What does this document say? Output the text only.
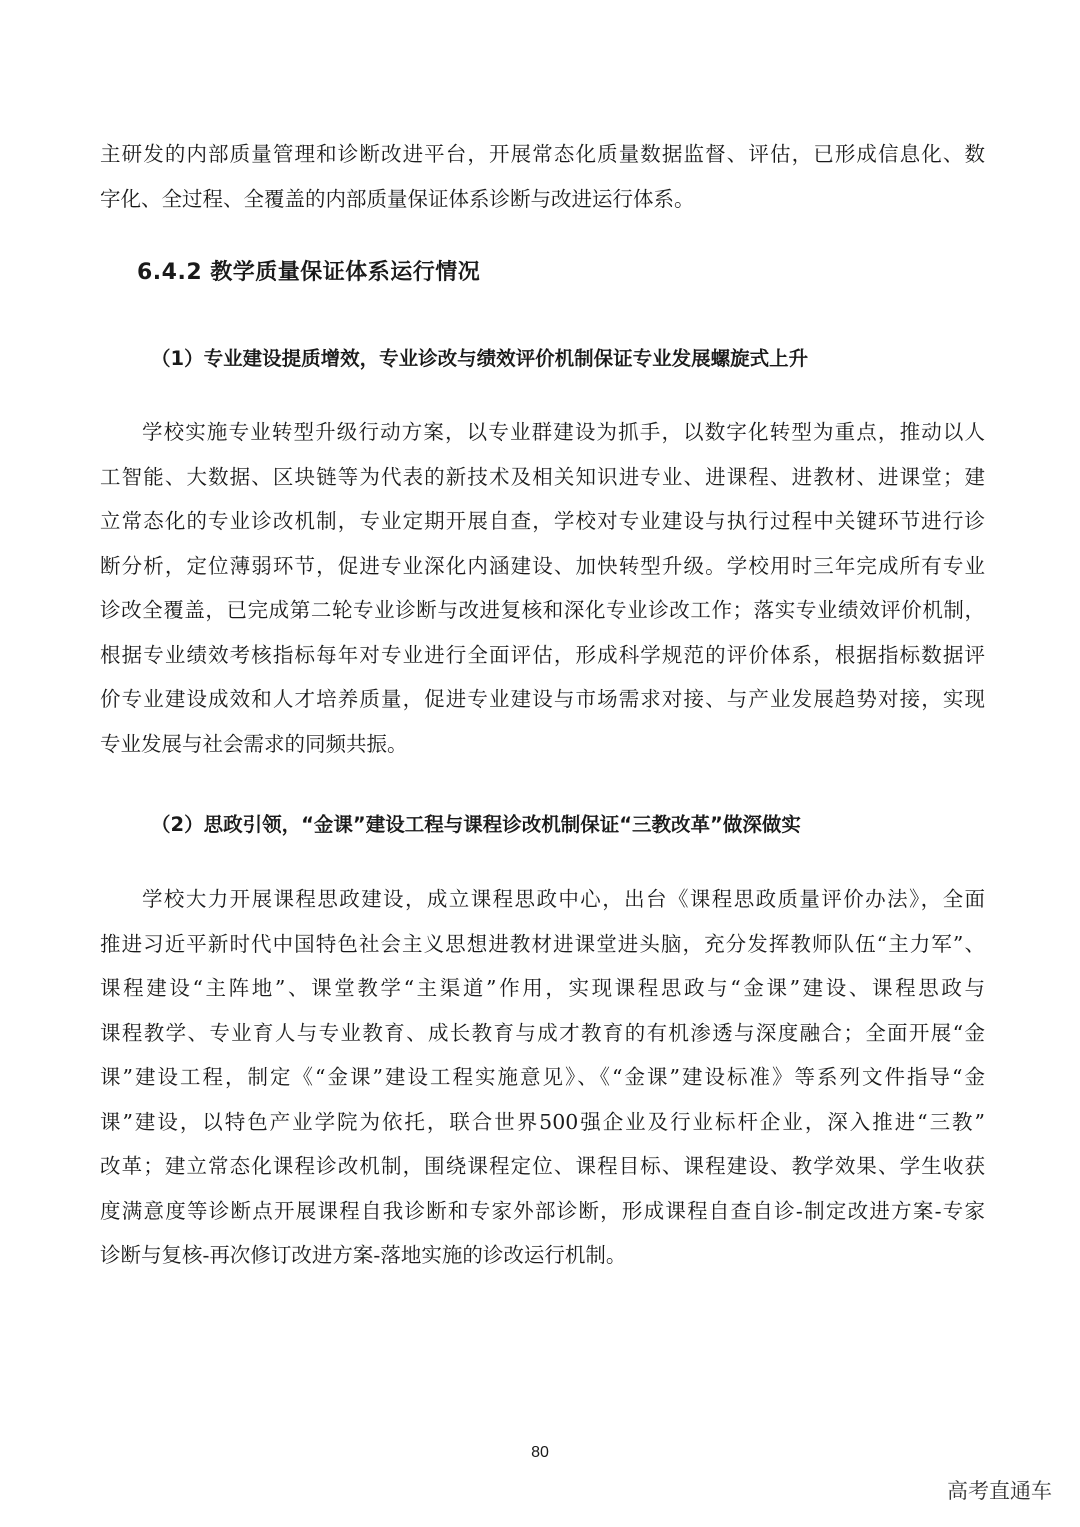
主研发的内部质量管理和诊断改进平台，开展常态化质量数据监督、评估，已形成信息化、数
字化、全过程、全覆盖的内部质量保证体系诊断与改进运行体系。
6.4.2 教学质量保证体系运行情况
（1）专业建设提质增效，专业诊改与绩效评价机制保证专业发展螺旋式上升
学校实施专业转型升级行动方案，以专业群建设为抓手，以数字化转型为重点，推动以人
工智能、大数据、区块链等为代表的新技术及相关知识进专业、进课程、进教材、进课堂；建
立常态化的专业诊改机制，专业定期开展自查，学校对专业建设与执行过程中关键环节进行诊
断分析，定位薄弱环节，促进专业深化内涵建设、加快转型升级。学校用时三年完成所有专业
诊改全覆盖，已完成第二轮专业诊断与改进复核和深化专业诊改工作；落实专业绩效评价机制，
根据专业绩效考核指标每年对专业进行全面评估，形成科学规范的评价体系，根据指标数据评
价专业建设成效和人才培养质量，促进专业建设与市场需求对接、与产业发展趋势对接，实现
专业发展与社会需求的同频共振。
（2）思政引领，“金课”建设工程与课程诊改机制保证“三教改革”做深做实
学校大力开展课程思政建设，成立课程思政中心，出台《课程思政质量评价办法》，全面
推进习近平新时代中国特色社会主义思想进教材进课堂进头脑，充分发挥教师队伍“主力军”、
课程建设“主阵地”、课堂教学“主渠道”作用，实现课程思政与“金课”建设、课程思政与
课程教学、专业育人与专业教育、成长教育与成才教育的有机渗透与深度融合；全面开展“金
课”建设工程，制定《“金课”建设工程实施意见》、《“金课”建设标准》等系列文件指导“金
课”建设，以特色产业学院为依托，联合世界500强企业及行业标杆企业，深入推进“三教”
改革；建立常态化课程诊改机制，围绕课程定位、课程目标、课程建设、教学效果、学生收获
度满意度等诊断点开展课程自我诊断和专家外部诊断，形成课程自查自诊-制定改进方案-专家
诊断与复核-再次修订改进方案-落地实施的诊改运行机制。
80
高考直通车
